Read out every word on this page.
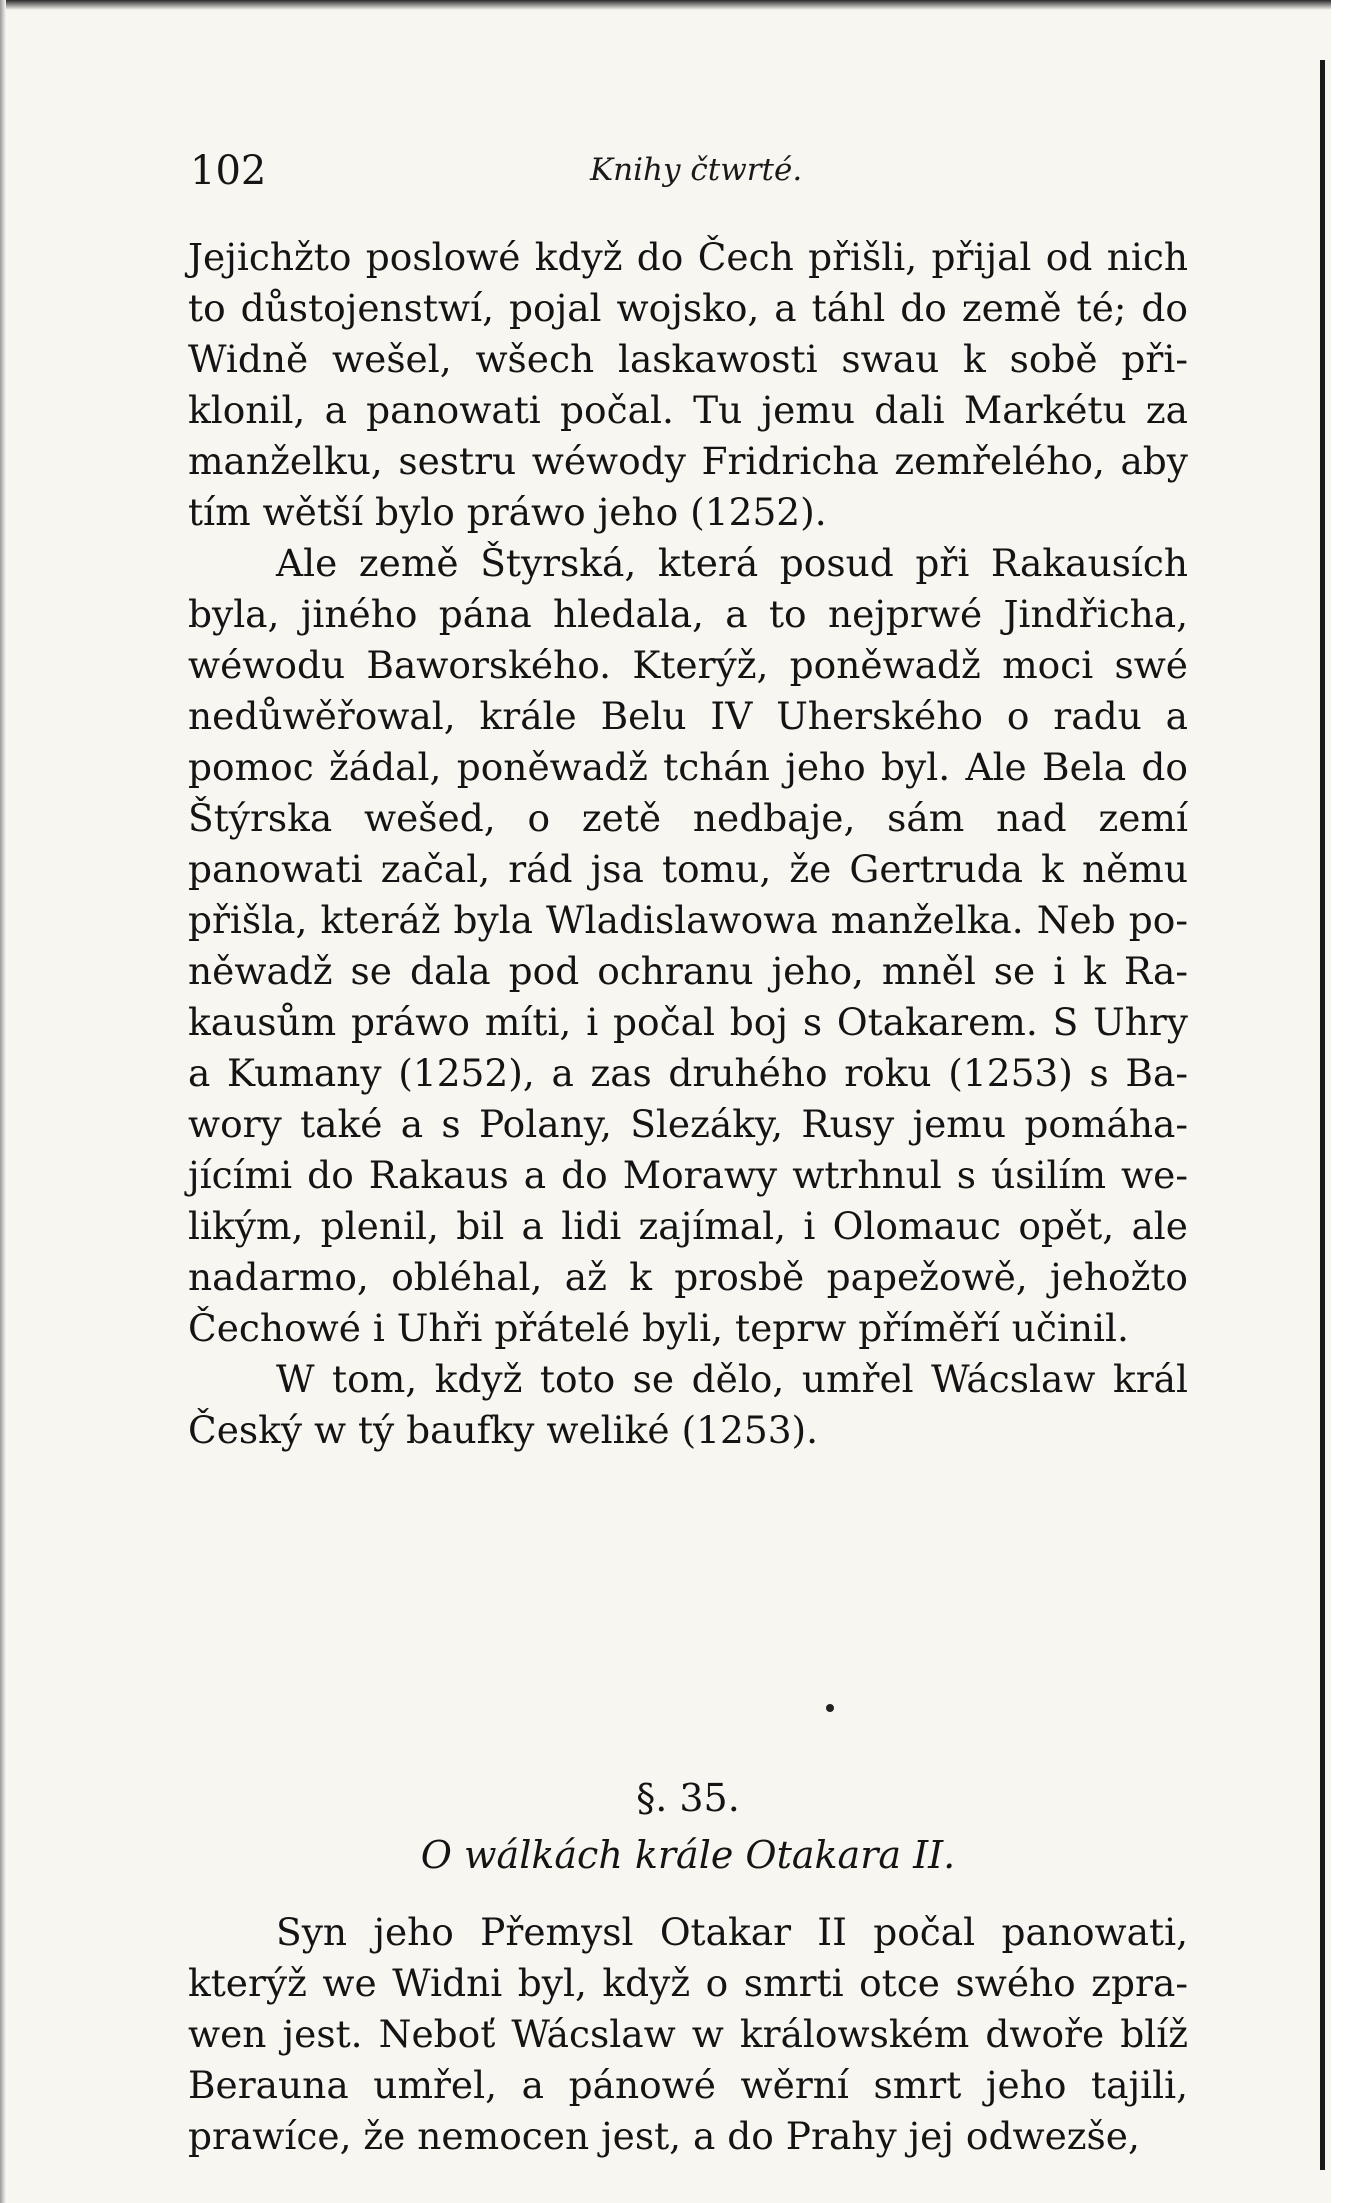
102	Knihy čtwrté.

Jejichžto poslowé když do Čech přišli, přijal od nich to důstojenstwí, pojal wojsko, a táhl do země té; do Widně wešel, wšech laskawosti swau k sobě přiklonil, a panowati počal. Tu jemu dali Markétu za manželku, sestru wéwody Fridricha zemřelého, aby tím wětší bylo práwo jeho (1252).

Ale země Štyrská, která posud při Rakausích byla, jiného pána hledala, a to nejprwé Jindřicha, wéwodu Baworského. Kterýž, poněwadž moci swé nedůwěřowal, krále Belu IV Uherského o radu a pomoc žádal, poněwadž tchán jeho byl. Ale Bela do Štýrska wešed, o zetě nedbaje, sám nad zemí panowati začal, rád jsa tomu, že Gertruda k němu přišla, kteráž byla Wladislawowa manželka. Neb poněwadž se dala pod ochranu jeho, mněl se i k Rakausům práwo míti, i počal boj s Otakarem. S Uhry a Kumany (1252), a zas druhého roku (1253) s Bawory také a s Polany, Slezáky, Rusy jemu pomáhajícími do Rakaus a do Morawy wtrhnul s úsilím welikým, plenil, bil a lidi zajímal, i Olomauc opět, ale nadarmo, obléhal, až k prosbě papežowě, jehožto Čechowé i Uhři přátelé byli, teprw příměří učinil.

W tom, když toto se dělo, umřel Wácslaw král Český w tý baufky weliké (1253).

§. 35.
O wálkách krále Otakara II.

Syn jeho Přemysl Otakar II počal panowati, kterýž we Widni byl, když o smrti otce swého zprawen jest. Neboť Wácslaw w králowském dwoře blíž Berauna umřel, a pánowé wěrní smrt jeho tajili, prawíce, že nemocen jest, a do Prahy jej odwezše,
